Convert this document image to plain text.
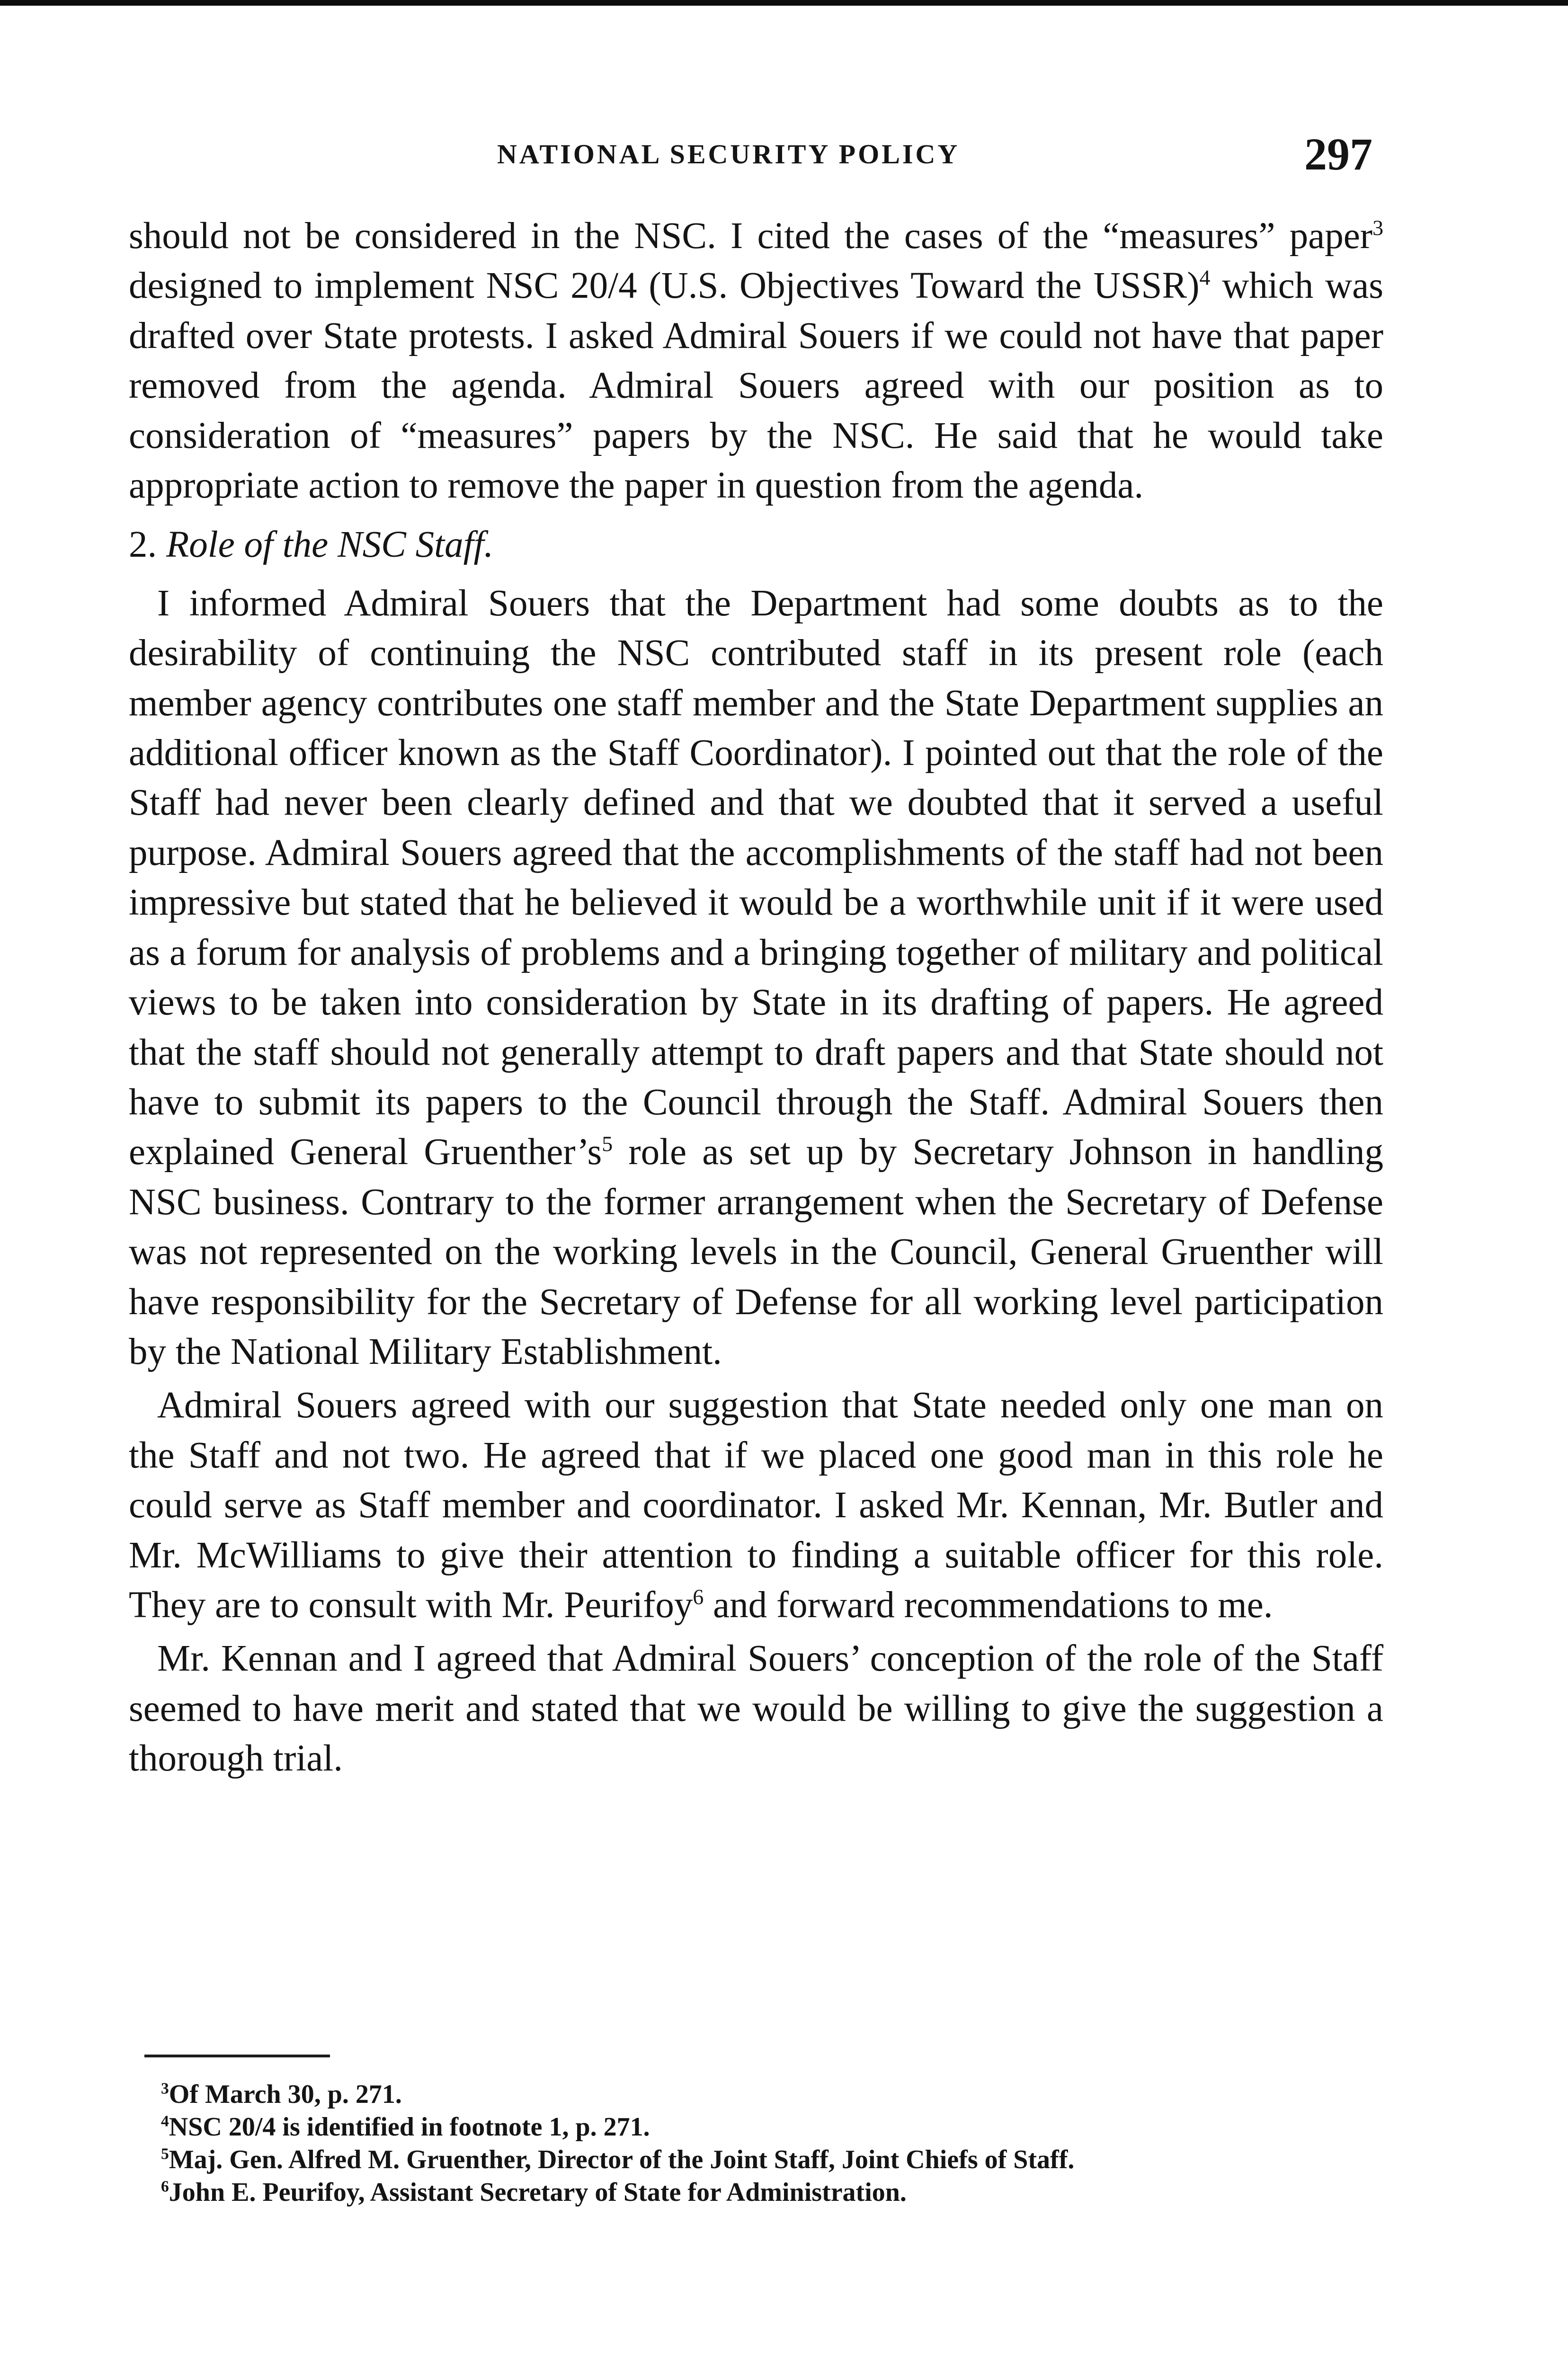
NATIONAL SECURITY POLICY	297

should not be considered in the NSC. I cited the cases of the “measures” paper$^3$ designed to implement NSC 20/4 (U.S. Objectives Toward the USSR)$^4$ which was drafted over State protests. I asked Admiral Souers if we could not have that paper removed from the agenda. Admiral Souers agreed with our position as to consideration of “measures” papers by the NSC. He said that he would take appropriate action to remove the paper in question from the agenda.

2. Role of the NSC Staff.

I informed Admiral Souers that the Department had some doubts as to the desirability of continuing the NSC contributed staff in its present role (each member agency contributes one staff member and the State Department supplies an additional officer known as the Staff Coordinator). I pointed out that the role of the Staff had never been clearly defined and that we doubted that it served a useful purpose. Admiral Souers agreed that the accomplishments of the staff had not been impressive but stated that he believed it would be a worthwhile unit if it were used as a forum for analysis of problems and a bringing together of military and political views to be taken into consideration by State in its drafting of papers. He agreed that the staff should not generally attempt to draft papers and that State should not have to submit its papers to the Council through the Staff. Admiral Souers then explained General $Gruenther’s^5$ role as set up by Secretary Johnson in handling NSC business. Contrary to the former arrangement when the Secretary of Defense was not represented on the working levels in the Council, General Gruenther will have responsibility for the Secretary of Defense for all working level participation by the National Military Establishment.

Admiral Souers agreed with our suggestion that State needed only one man on the Staff and not two. He agreed that if we placed one good man in this role he could serve as Staff member and coordinator. I asked Mr. Kennan, Mr. Butler and Mr. McWilliams to give their attention to finding a suitable officer for this role. They are to consult with Mr. Peurifoy$^6$ and forward recommendations to me.

Mr. Kennan and I agreed that Admiral Souers’ conception of the role of the Staff seemed to have merit and stated that we would be willing to give the suggestion a thorough trial.

$^3$Of March 30, p. 271.

$^4$NSC 20/4 is identified in footnote 1, p. 271.

$^5$Maj. Gen. Alfred M. Gruenther, Director of the Joint Staff, Joint Chiefs of Staff.

$^6$John E. Peurifoy, Assistant Secretary of State for Administration.
